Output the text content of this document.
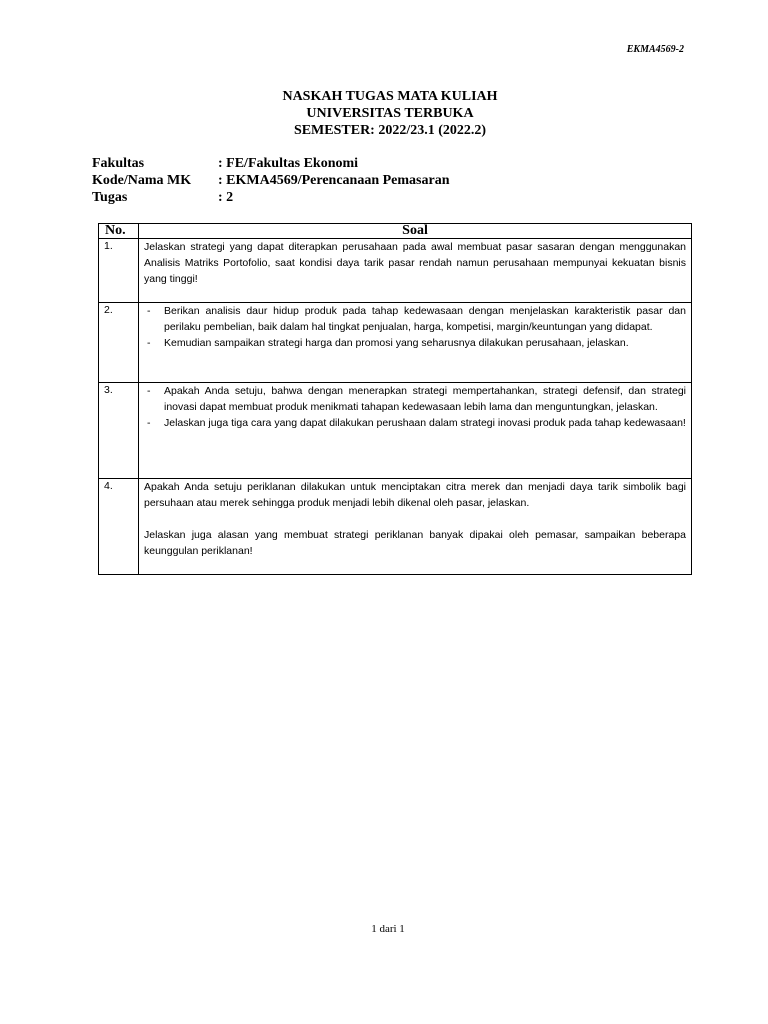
EKMA4569-2
NASKAH TUGAS MATA KULIAH
UNIVERSITAS TERBUKA
SEMESTER: 2022/23.1 (2022.2)
Fakultas	: FE/Fakultas Ekonomi
Kode/Nama MK	: EKMA4569/Perencanaan Pemasaran
Tugas	: 2
No.	Soal
1.	Jelaskan strategi yang dapat diterapkan perusahaan pada awal membuat pasar sasaran dengan menggunakan Analisis Matriks Portofolio, saat kondisi daya tarik pasar rendah namun perusahaan mempunyai kekuatan bisnis yang tinggi!
2.	- Berikan analisis daur hidup produk pada tahap kedewasaan dengan menjelaskan karakteristik pasar dan perilaku pembelian, baik dalam hal tingkat penjualan, harga, kompetisi, margin/keuntungan yang didapat.
- Kemudian sampaikan strategi harga dan promosi yang seharusnya dilakukan perusahaan, jelaskan.

3.	- Apakah Anda setuju, bahwa dengan menerapkan strategi mempertahankan, strategi defensif, dan strategi inovasi dapat membuat produk menikmati tahapan kedewasaan lebih lama dan menguntungkan, jelaskan.
- Jelaskan juga tiga cara yang dapat dilakukan perushaan dalam strategi inovasi produk pada tahap kedewasaan!

4.	Apakah Anda setuju periklanan dilakukan untuk menciptakan citra merek dan menjadi daya tarik simbolik bagi persuhaan atau merek sehingga produk menjadi lebih dikenal oleh pasar, jelaskan.

Jelaskan juga alasan yang membuat strategi periklanan banyak dipakai oleh pemasar, sampaikan beberapa keunggulan periklanan!

1 dari 1
